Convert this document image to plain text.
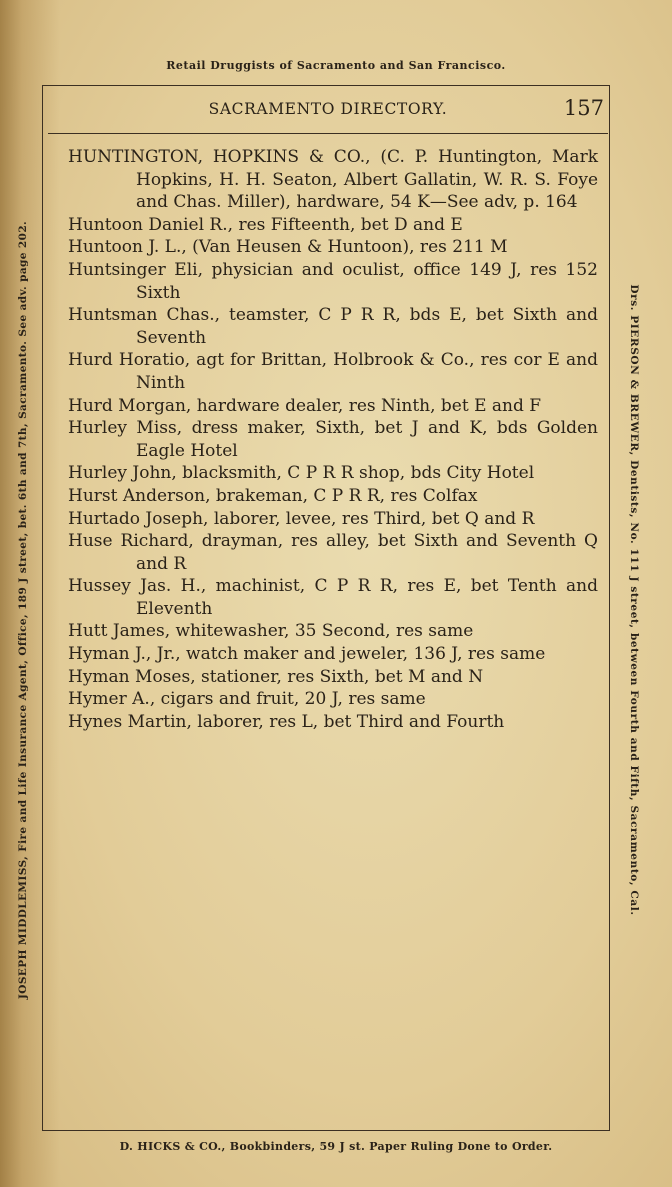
Retail Druggists of Sacramento and San Francisco.
JOSEPH MIDDLEMISS, Fire and Life Insurance Agent, Office, 189 J street, bet. 6th and 7th, Sacramento. See adv. page 202.	Drs. PIERSON & BREWER, Dentists, No. 111 J street, between Fourth and Fifth, Sacramento, Cal.
SACRAMENTO DIRECTORY.	157
HUNTINGTON, HOPKINS & CO., (C. P. Huntington, Mark Hopkins, H. H. Seaton, Albert Gallatin, W. R. S. Foye and Chas. Miller), hardware, 54 K—See adv, p. 164
Huntoon Daniel R., res Fifteenth, bet D and E
Huntoon J. L., (Van Heusen & Huntoon), res 211 M
Huntsinger Eli, physician and oculist, office 149 J, res 152 Sixth
Huntsman Chas., teamster, C P R R, bds E, bet Sixth and Seventh
Hurd Horatio, agt for Brittan, Holbrook & Co., res cor E and Ninth
Hurd Morgan, hardware dealer, res Ninth, bet E and F
Hurley Miss, dress maker, Sixth, bet J and K, bds Golden Eagle Hotel
Hurley John, blacksmith, C P R R shop, bds City Hotel
Hurst Anderson, brakeman, C P R R, res Colfax
Hurtado Joseph, laborer, levee, res Third, bet Q and R
Huse Richard, drayman, res alley, bet Sixth and Seventh Q and R
Hussey Jas. H., machinist, C P R R, res E, bet Tenth and Eleventh
Hutt James, whitewasher, 35 Second, res same
Hyman J., Jr., watch maker and jeweler, 136 J, res same
Hyman Moses, stationer, res Sixth, bet M and N
Hymer A., cigars and fruit, 20 J, res same
Hynes Martin, laborer, res L, bet Third and Fourth
D. HICKS & CO., Bookbinders, 59 J st. Paper Ruling Done to Order.
